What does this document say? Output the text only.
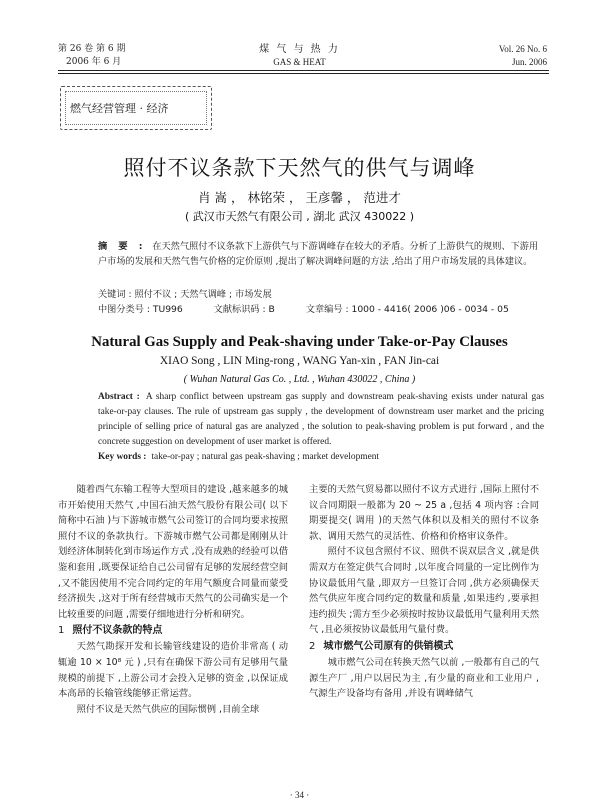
第 26 卷 第 6 期
2006 年 6 月
煤 气 与 热 力
GAS & HEAT
Vol. 26 No. 6
Jun. 2006
燃气经营管理 · 经济
照付不议条款下天然气的供气与调峰
肖 嵩 ， 林铭荣 ， 王彦馨 ， 范进才
( 武汉市天然气有限公司 , 湖北 武汉 430022 )

摘 要 : 在天然气照付不议条款下上游供气与下游调峰存在较大的矛盾。分析了上游供气的规则、下游用户市场的发展和天然气售气价格的定价原则 ,提出了解决调峰问题的方法 ,给出了用户市场发展的具体建议。

关键词 : 照付不议 ; 天然气调峰 ; 市场发展
中图分类号 : TU996	文献标识码 : B	文章编号 : 1000 - 4416( 2006 )06 - 0034 - 05
Natural Gas Supply and Peak-shaving under Take-or-Pay Clauses
XIAO Song , LIN Ming-rong , WANG Yan-xin , FAN Jin-cai
( Wuhan Natural Gas Co. , Ltd. , Wuhan 430022 , China )
Abstract : A sharp conflict between upstream gas supply and downstream peak-shaving exists under natural gas take-or-pay clauses. The rule of upstream gas supply , the development of downstream user market and the pricing principle of selling price of natural gas are analyzed , the solution to peak-shaving problem is put forward , and the concrete suggestion on development of user market is offered.
Key words : take-or-pay ; natural gas peak-shaving ; market development

随着西气东输工程等大型项目的建设 ,越来越多的城市开始使用天然气 ,中国石油天然气股份有限公司( 以下简称中石油 )与下游城市燃气公司签订的合同均要求按照照付不议的条款执行。下游城市燃气公司都是刚刚从计划经济体制转化到市场运作方式 ,没有成熟的经验可以借鉴和套用 ,既要保证给自己公司留有足够的发展经营空间 ,又不能因使用不完合同约定的年用气额度合同量而蒙受经济损失 ,这对于所有经营城市天然气的公司确实是一个比较重要的问题 ,需要仔细地进行分析和研究。

1 照付不议条款的特点

天然气勘探开发和长输管线建设的造价非常高 ( 动辄逾 10 × 10⁸ 元 ) ,只有在确保下游公司有足够用气量规模的前提下 ,上游公司才会投入足够的资金 ,以保证成本高昂的长输管线能够正常运营。

照付不议是天然气供应的国际惯例 ,目前全球

主要的天然气贸易都以照付不议方式进行 ,国际上照付不议合同期限一般都为 20 ~ 25 a ,包括 4 项内容 :合同期要提交( 调用 )的天然气体积以及相关的照付不议条款、调用天然气的灵活性、价格和价格审议条件。

照付不议包含照付不议、照供不误双层含义 ,就是供需双方在签定供气合同时 ,以年度合同量的一定比例作为协议最低用气量 ,即双方一旦签订合同 ,供方必须确保天然气供应年度合同约定的数量和质量 ,如果违约 ,要承担违约损失 ;需方至少必须按时按协议最低用气量利用天然气 ,且必须按协议最低用气量付费。

2 城市燃气公司原有的供销模式

城市燃气公司在转换天然气以前 ,一般都有自己的气源生产厂 ,用户以居民为主 ,有少量的商业和工业用户 ,气源生产设备均有备用 ,并设有调峰储气

· 34 ·
